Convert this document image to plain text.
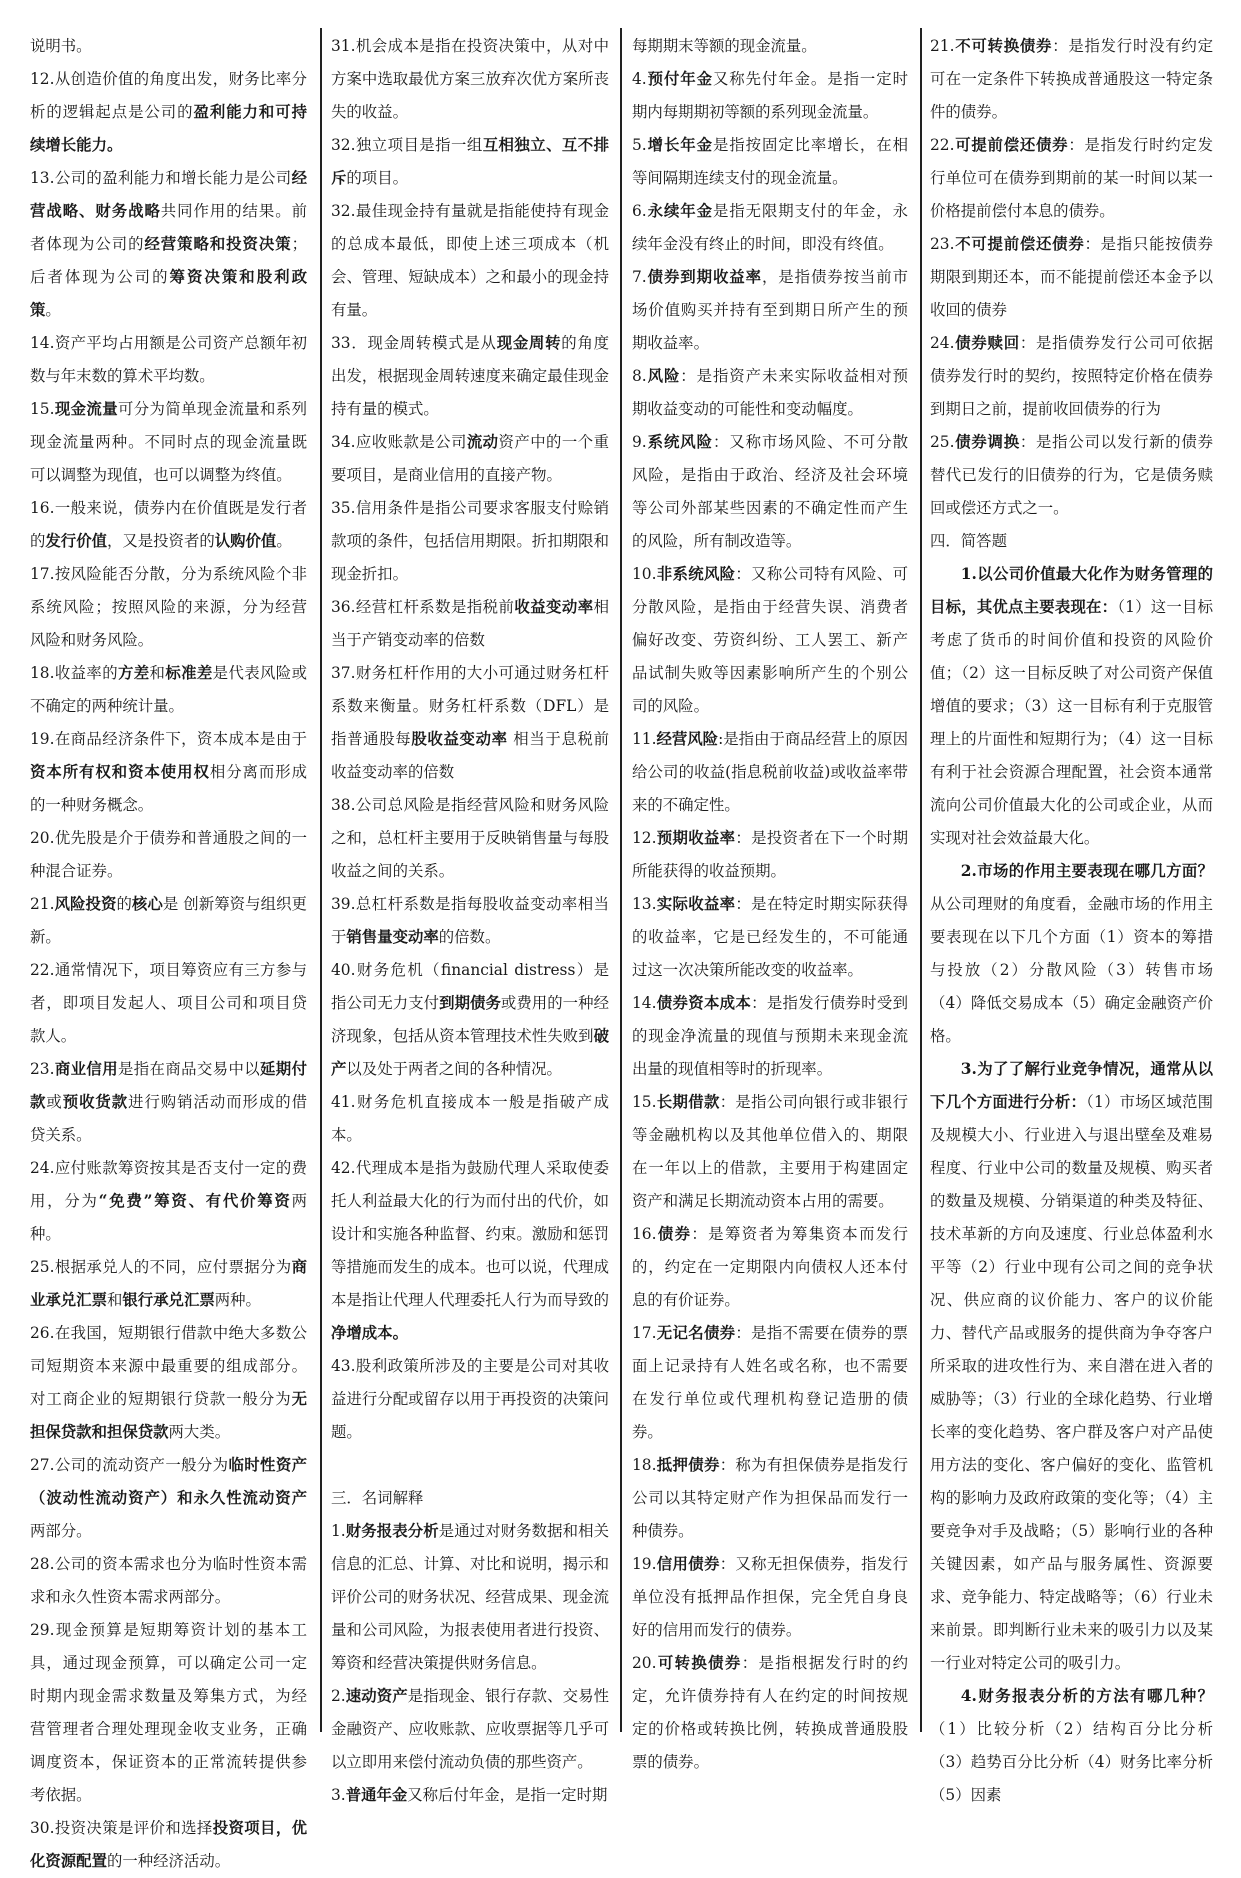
说明书。

12.从创造价值的角度出发，财务比率分析的逻辑起点是公司的盈利能力和可持续增长能力。

13.公司的盈利能力和增长能力是公司经营战略、财务战略共同作用的结果。前者体现为公司的经营策略和投资决策；后者体现为公司的筹资决策和股利政策。

14.资产平均占用额是公司资产总额年初数与年末数的算术平均数。

15.现金流量可分为简单现金流量和系列现金流量两种。不同时点的现金流量既可以调整为现值，也可以调整为终值。

16.一般来说，债券内在价值既是发行者的发行价值，又是投资者的认购价值。

17.按风险能否分散，分为系统风险个非系统风险；按照风险的来源，分为经营风险和财务风险。

18.收益率的方差和标准差是代表风险或不确定的两种统计量。

19.在商品经济条件下，资本成本是由于资本所有权和资本使用权相分离而形成的一种财务概念。

20.优先股是介于债券和普通股之间的一种混合证券。

21.风险投资的核心是 创新筹资与组织更新。

22.通常情况下，项目筹资应有三方参与者，即项目发起人、项目公司和项目贷款人。

23.商业信用是指在商品交易中以延期付款或预收货款进行购销活动而形成的借贷关系。

24.应付账款筹资按其是否支付一定的费用，分为“免费”筹资、有代价筹资两种。

25.根据承兑人的不同，应付票据分为商业承兑汇票和银行承兑汇票两种。

26.在我国，短期银行借款中绝大多数公司短期资本来源中最重要的组成部分。对工商企业的短期银行贷款一般分为无担保贷款和担保贷款两大类。

27.公司的流动资产一般分为临时性资产（波动性流动资产）和永久性流动资产两部分。

28.公司的资本需求也分为临时性资本需求和永久性资本需求两部分。

29.现金预算是短期筹资计划的基本工具，通过现金预算，可以确定公司一定时期内现金需求数量及筹集方式，为经营管理者合理处理现金收支业务，正确调度资本，保证资本的正常流转提供参考依据。

30.投资决策是评价和选择投资项目，优化资源配置的一种经济活动。

31.机会成本是指在投资决策中，从对中方案中选取最优方案三放弃次优方案所丧失的收益。

32.独立项目是指一组互相独立、互不排斥的项目。

32.最佳现金持有量就是指能使持有现金的总成本最低，即使上述三项成本（机会、管理、短缺成本）之和最小的现金持有量。

33．现金周转模式是从现金周转的角度出发，根据现金周转速度来确定最佳现金持有量的模式。

34.应收账款是公司流动资产中的一个重要项目，是商业信用的直接产物。

35.信用条件是指公司要求客服支付赊销款项的条件，包括信用期限。折扣期限和现金折扣。

36.经营杠杆系数是指税前收益变动率相当于产销变动率的倍数

37.财务杠杆作用的大小可通过财务杠杆系数来衡量。财务杠杆系数（DFL）是指普通股每股收益变动率 相当于息税前收益变动率的倍数

38.公司总风险是指经营风险和财务风险之和，总杠杆主要用于反映销售量与每股收益之间的关系。

39.总杠杆系数是指每股收益变动率相当于销售量变动率的倍数。

40.财务危机（financial distress）是指公司无力支付到期债务或费用的一种经济现象，包括从资本管理技术性失败到破产以及处于两者之间的各种情况。

41.财务危机直接成本一般是指破产成本。

42.代理成本是指为鼓励代理人采取使委托人利益最大化的行为而付出的代价，如设计和实施各种监督、约束。激励和惩罚等措施而发生的成本。也可以说，代理成本是指让代理人代理委托人行为而导致的净增成本。

43.股利政策所涉及的主要是公司对其收益进行分配或留存以用于再投资的决策问题。

三．名词解释

1.财务报表分析是通过对财务数据和相关信息的汇总、计算、对比和说明，揭示和评价公司的财务状况、经营成果、现金流量和公司风险，为报表使用者进行投资、筹资和经营决策提供财务信息。

2.速动资产是指现金、银行存款、交易性金融资产、应收账款、应收票据等几乎可以立即用来偿付流动负债的那些资产。

3.普通年金又称后付年金，是指一定时期

每期期末等额的现金流量。

4.预付年金又称先付年金。是指一定时期内每期期初等额的系列现金流量。

5.增长年金是指按固定比率增长，在相等间隔期连续支付的现金流量。

6.永续年金是指无限期支付的年金，永续年金没有终止的时间，即没有终值。

7.债券到期收益率，是指债券按当前市场价值购买并持有至到期日所产生的预期收益率。

8.风险：是指资产未来实际收益相对预期收益变动的可能性和变动幅度。

9.系统风险：又称市场风险、不可分散风险，是指由于政治、经济及社会环境等公司外部某些因素的不确定性而产生的风险，所有制改造等。

10.非系统风险：又称公司特有风险、可分散风险，是指由于经营失误、消费者偏好改变、劳资纠纷、工人罢工、新产品试制失败等因素影响所产生的个别公司的风险。

11.经营风险:是指由于商品经营上的原因给公司的收益(指息税前收益)或收益率带来的不确定性。

12.预期收益率：是投资者在下一个时期所能获得的收益预期。

13.实际收益率：是在特定时期实际获得的收益率，它是已经发生的，不可能通过这一次决策所能改变的收益率。

14.债券资本成本：是指发行债券时受到的现金净流量的现值与预期未来现金流出量的现值相等时的折现率。

15.长期借款：是指公司向银行或非银行等金融机构以及其他单位借入的、期限在一年以上的借款，主要用于构建固定资产和满足长期流动资本占用的需要。

16.债券：是筹资者为筹集资本而发行的，约定在一定期限内向债权人还本付息的有价证券。

17.无记名债券：是指不需要在债券的票面上记录持有人姓名或名称，也不需要在发行单位或代理机构登记造册的债券。

18.抵押债券：称为有担保债券是指发行公司以其特定财产作为担保品而发行一种债券。

19.信用债券：又称无担保债券，指发行单位没有抵押品作担保，完全凭自身良好的信用而发行的债券。

20.可转换债券：是指根据发行时的约定，允许债券持有人在约定的时间按规定的价格或转换比例，转换成普通股股票的债券。

21.不可转换债券：是指发行时没有约定可在一定条件下转换成普通股这一特定条件的债券。

22.可提前偿还债券：是指发行时约定发行单位可在债券到期前的某一时间以某一价格提前偿付本息的债券。

23.不可提前偿还债券：是指只能按债券期限到期还本，而不能提前偿还本金予以收回的债券

24.债券赎回：是指债券发行公司可依据债券发行时的契约，按照特定价格在债券到期日之前，提前收回债券的行为

25.债券调换：是指公司以发行新的债券替代已发行的旧债券的行为，它是债务赎回或偿还方式之一。

四．简答题

1.以公司价值最大化作为财务管理的目标，其优点主要表现在：（1）这一目标考虑了货币的时间价值和投资的风险价值；（2）这一目标反映了对公司资产保值增值的要求；（3）这一目标有利于克服管理上的片面性和短期行为；（4）这一目标有利于社会资源合理配置，社会资本通常流向公司价值最大化的公司或企业，从而实现对社会效益最大化。

2.市场的作用主要表现在哪几方面？从公司理财的角度看，金融市场的作用主要表现在以下几个方面（1）资本的筹措与投放（2）分散风险（3）转售市场（4）降低交易成本（5）确定金融资产价格。

3.为了了解行业竞争情况，通常从以下几个方面进行分析：（1）市场区域范围及规模大小、行业进入与退出壁垒及难易程度、行业中公司的数量及规模、购买者的数量及规模、分销渠道的种类及特征、技术革新的方向及速度、行业总体盈利水平等（2）行业中现有公司之间的竞争状况、供应商的议价能力、客户的议价能力、替代产品或服务的提供商为争夺客户所采取的进攻性行为、来自潜在进入者的威胁等；（3）行业的全球化趋势、行业增长率的变化趋势、客户群及客户对产品使用方法的变化、客户偏好的变化、监管机构的影响力及政府政策的变化等；（4）主要竞争对手及战略；（5）影响行业的各种关键因素，如产品与服务属性、资源要求、竞争能力、特定战略等；（6）行业未来前景。即判断行业未来的吸引力以及某一行业对特定公司的吸引力。

4.财务报表分析的方法有哪几种？（1）比较分析（2）结构百分比分析（3）趋势百分比分析（4）财务比率分析（5）因素
